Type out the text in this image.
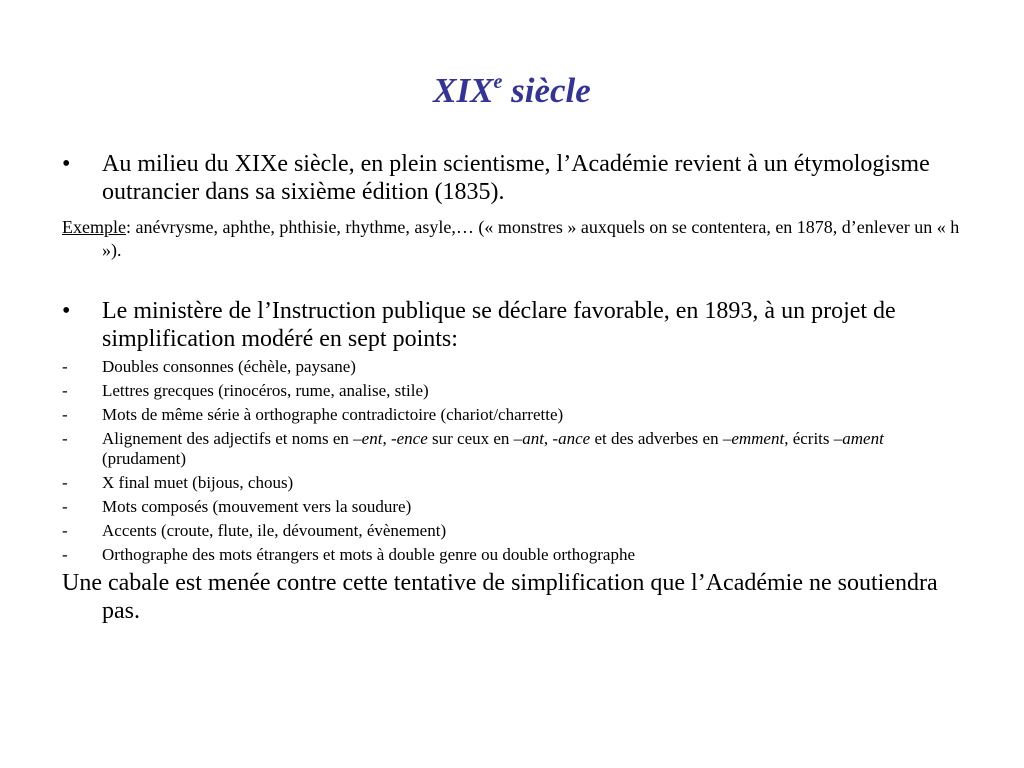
XIXe siècle

•	Au milieu du XIXe siècle, en plein scientisme, l’Académie revient à un étymologisme outrancier dans sa sixième édition (1835).

Exemple: anévrysme, aphthe, phthisie, rhythme, asyle,… (« monstres » auxquels on se contentera, en 1878, d’enlever un « h »).

•	Le ministère de l’Instruction publique se déclare favorable, en 1893, à un projet de simplification modéré en sept points:

- Doubles consonnes (échèle, paysane)
- Lettres grecques (rinocéros, rume, analise, stile)
- Mots de même série à orthographe contradictoire (chariot/charrette)
- Alignement des adjectifs et noms en –ent, -ence sur ceux en –ant, -ance et des adverbes en –emment, écrits –ament (prudament)
- X final muet (bijous, chous)
- Mots composés (mouvement vers la soudure)
- Accents (croute, flute, ile, dévoument, évènement)
- Orthographe des mots étrangers et mots à double genre ou double orthographe
Une cabale est menée contre cette tentative de simplification que l’Académie ne soutiendra pas.
